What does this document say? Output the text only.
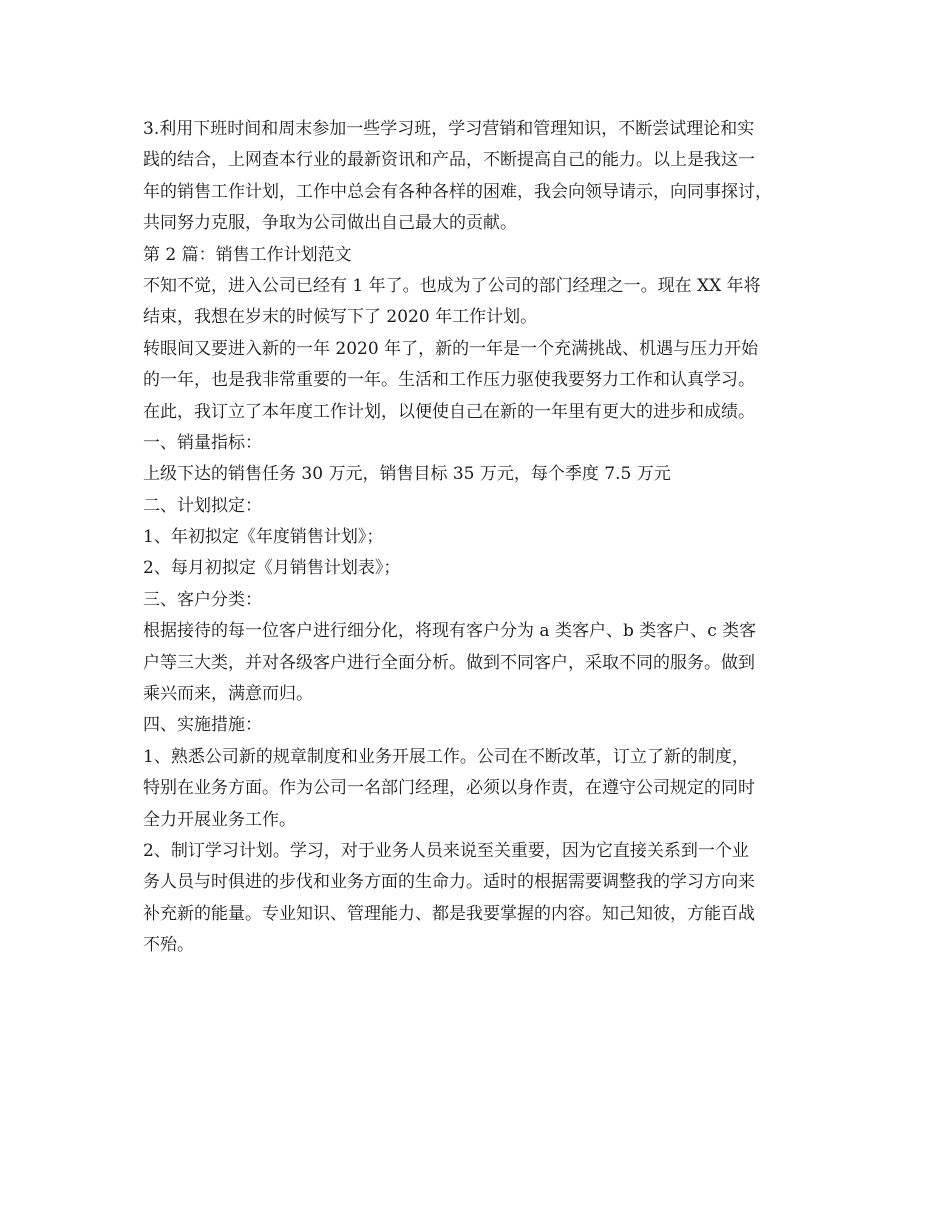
3.利用下班时间和周末参加一些学习班，学习营销和管理知识，不断尝试理论和实
践的结合，上网查本行业的最新资讯和产品，不断提高自己的能力。以上是我这一
年的销售工作计划，工作中总会有各种各样的困难，我会向领导请示，向同事探讨，
共同努力克服，争取为公司做出自己最大的贡献。
第 2 篇：销售工作计划范文
不知不觉，进入公司已经有 1 年了。也成为了公司的部门经理之一。现在 XX 年将
结束，我想在岁末的时候写下了 2020 年工作计划。
转眼间又要进入新的一年 2020 年了，新的一年是一个充满挑战、机遇与压力开始
的一年，也是我非常重要的一年。生活和工作压力驱使我要努力工作和认真学习。
在此，我订立了本年度工作计划，以便使自己在新的一年里有更大的进步和成绩。
一、销量指标：
上级下达的销售任务 30 万元，销售目标 35 万元，每个季度 7.5 万元
二、计划拟定：
1、年初拟定《年度销售计划》；
2、每月初拟定《月销售计划表》；
三、客户分类：
根据接待的每一位客户进行细分化，将现有客户分为 a 类客户、b 类客户、c 类客
户等三大类，并对各级客户进行全面分析。做到不同客户，采取不同的服务。做到
乘兴而来，满意而归。
四、实施措施：
1、熟悉公司新的规章制度和业务开展工作。公司在不断改革，订立了新的制度，
特别在业务方面。作为公司一名部门经理，必须以身作责，在遵守公司规定的同时
全力开展业务工作。
2、制订学习计划。学习，对于业务人员来说至关重要，因为它直接关系到一个业
务人员与时俱进的步伐和业务方面的生命力。适时的根据需要调整我的学习方向来
补充新的能量。专业知识、管理能力、都是我要掌握的内容。知己知彼，方能百战
不殆。
